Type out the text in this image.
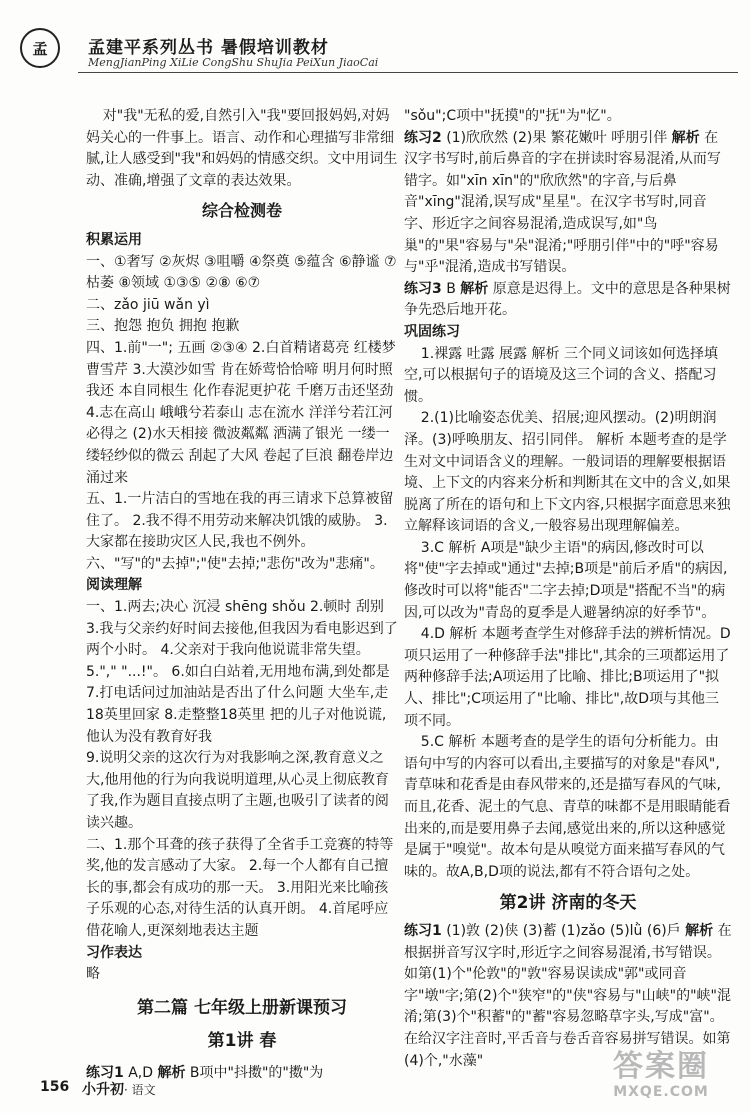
孟 孟建平系列丛书 暑假培训教材
MengJianPing XiLie CongShu ShuJia PeiXun JiaoCai

对"我"无私的爱,自然引入"我"要回报妈妈,对妈妈关心的一件事上。语言、动作和心理描写非常细腻,让人感受到"我"和妈妈的情感交织。文中用词生动、准确,增强了文章的表达效果。

综合检测卷

积累运用

一、①奢写 ②灰烬 ③咀嚼 ④祭奠 ⑤蕴含 ⑥静谧 ⑦枯萎 ⑧领域 ①③⑤ ②⑧ ⑥⑦

二、zǎo jiū wǎn yì

三、抱怨 抱负 拥抱 抱歉

四、1.前"一"; 五画 ②③④ 2.白首精诸葛亮 红楼梦 曹雪芹 3.大漠沙如雪 肯在娇莺恰恰啼 明月何时照我还 本自同根生 化作春泥更护花 千磨万击还坚劲 4.志在高山 峨峨兮若泰山 志在流水 洋洋兮若江河 必得之 (2)水天相接 微波粼粼 洒满了银光 一缕一缕轻纱似的微云 刮起了大风 卷起了巨浪 翻卷岸边涌过来

五、1.一片洁白的雪地在我的再三请求下总算被留住了。 2.我不得不用劳动来解决饥饿的威胁。 3.大家都在接助灾区人民,我也不例外。

六、"写"的"去掉";"使"去掉;"悲伤"改为"悲痛"。

阅读理解

一、1.两去;决心 沉浸 shēng shǒu 2.顿时 刮别 3.我与父亲约好时间去接他,但我因为看电影迟到了两个小时。 4.父亲对于我向他说谎非常失望。 5."," "...!"。 6.如白白站着,无用地布满,到处都是 7.打电话问过加油站是否出了什么问题 大坐车,走18英里回家 8.走整整18英里 把的儿子对他说谎,他认为没有教育好我

9.说明父亲的这次行为对我影响之深,教育意义之大,他用他的行为向我说明道理,从心灵上彻底教育了我,作为题目直接点明了主题,也吸引了读者的阅读兴趣。

二、1.那个耳聋的孩子获得了全省手工竞赛的特等奖,他的发言感动了大家。 2.每一个人都有自己擅长的事,都会有成功的那一天。 3.用阳光来比喻孩子乐观的心态,对待生活的认真开朗。 4.首尾呼应 借花喻人,更深刻地表达主题

习作表达

略

第二篇 七年级上册新课预习
第1讲 春

练习1 A,D 解析 B项中"抖擞"的"擞"为

"sǒu";C项中"抚摸"的"抚"为"忆"。

练习2 (1)欣欣然 (2)果 繁花嫩叶 呼朋引伴 解析 在汉字书写时,前后鼻音的字在拼读时容易混淆,从而写错字。如"xīn xīn"的"欣欣然"的字音,与后鼻音"xīng"混淆,误写成"星星"。在汉字书写时,同音字、形近字之间容易混淆,造成误写,如"鸟巢"的"果"容易与"朵"混淆;"呼朋引伴"中的"呼"容易与"乎"混淆,造成书写错误。

练习3 B 解析 原意是迟得上。文中的意思是各种果树争先恐后地开花。

巩固练习

1.裸露 吐露 展露 解析 三个同义词该如何选择填空,可以根据句子的语境及这三个词的含义、搭配习惯。

2.(1)比喻姿态优美、招展;迎风摆动。(2)明朗润泽。(3)呼唤朋友、招引同伴。 解析 本题考查的是学生对文中词语含义的理解。一般词语的理解要根据语境、上下文的内容来分析和判断其在文中的含义,如果脱离了所在的语句和上下文内容,只根据字面意思来独立解释该词语的含义,一般容易出现理解偏差。

3.C 解析 A项是"缺少主语"的病因,修改时可以将"使"字去掉或"通过"去掉;B项是"前后矛盾"的病因,修改时可以将"能否"二字去掉;D项是"搭配不当"的病因,可以改为"青岛的夏季是人避暑纳凉的好季节"。

4.D 解析 本题考查学生对修辞手法的辨析情况。D项只运用了一种修辞手法"排比",其余的三项都运用了两种修辞手法;A项运用了比喻、排比;B项运用了"拟人、排比";C项运用了"比喻、排比",故D项与其他三项不同。

5.C 解析 本题考查的是学生的语句分析能力。由语句中写的内容可以看出,主要描写的对象是"春风",青草味和花香是由春风带来的,还是描写春风的气味,而且,花香、泥土的气息、青草的味都不是用眼睛能看出来的,而是要用鼻子去闻,感觉出来的,所以这种感觉是属于"嗅觉"。故本句是从嗅觉方面来描写春风的气味的。故A,B,D项的说法,都有不符合语句之处。

第2讲 济南的冬天

练习1 (1)敦 (2)侠 (3)蓄 (1)zǎo (5)lǜ (6)戶 解析 在根据拼音写汉字时,形近字之间容易混淆,书写错误。如第(1)个"伦敦"的"敦"容易误读成"郭"或同音字"墩"字;第(2)个"狭窄"的"侠"容易与"山峡"的"峡"混淆;第(3)个"积蓄"的"蓄"容易忽略草字头,写成"富"。在给汉字注音时,平舌音与卷舌音容易拼写错误。如第(4)个,"水藻"

156 小升初· 语文
答案圈
MXQE.COM
